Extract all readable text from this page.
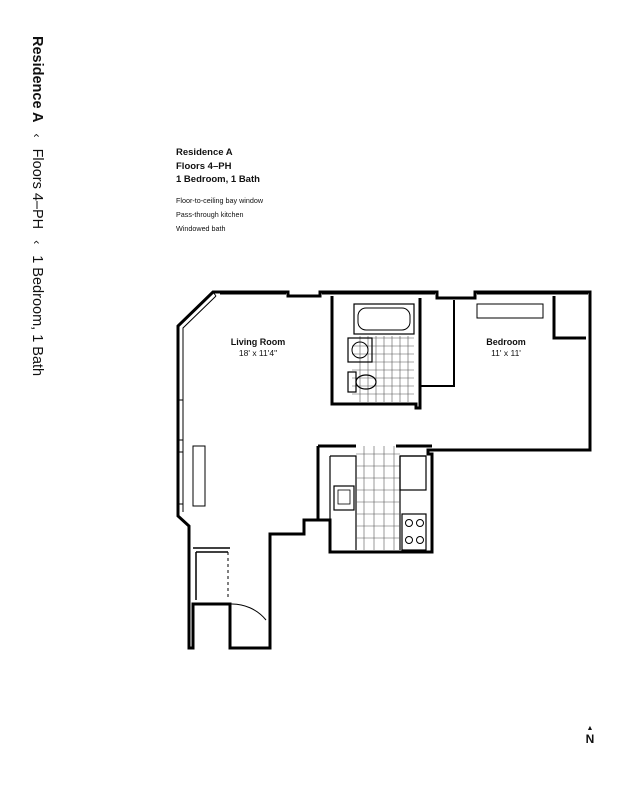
Residence A ‹ Floors 4–PH ‹ 1 Bedroom, 1 Bath
Residence A
Floors 4–PH
1 Bedroom, 1 Bath
Floor-to-ceiling bay window
Pass-through kitchen
Windowed bath
Living Room
18' x 11'4"
Bedroom
11' x 11'
▲
N
